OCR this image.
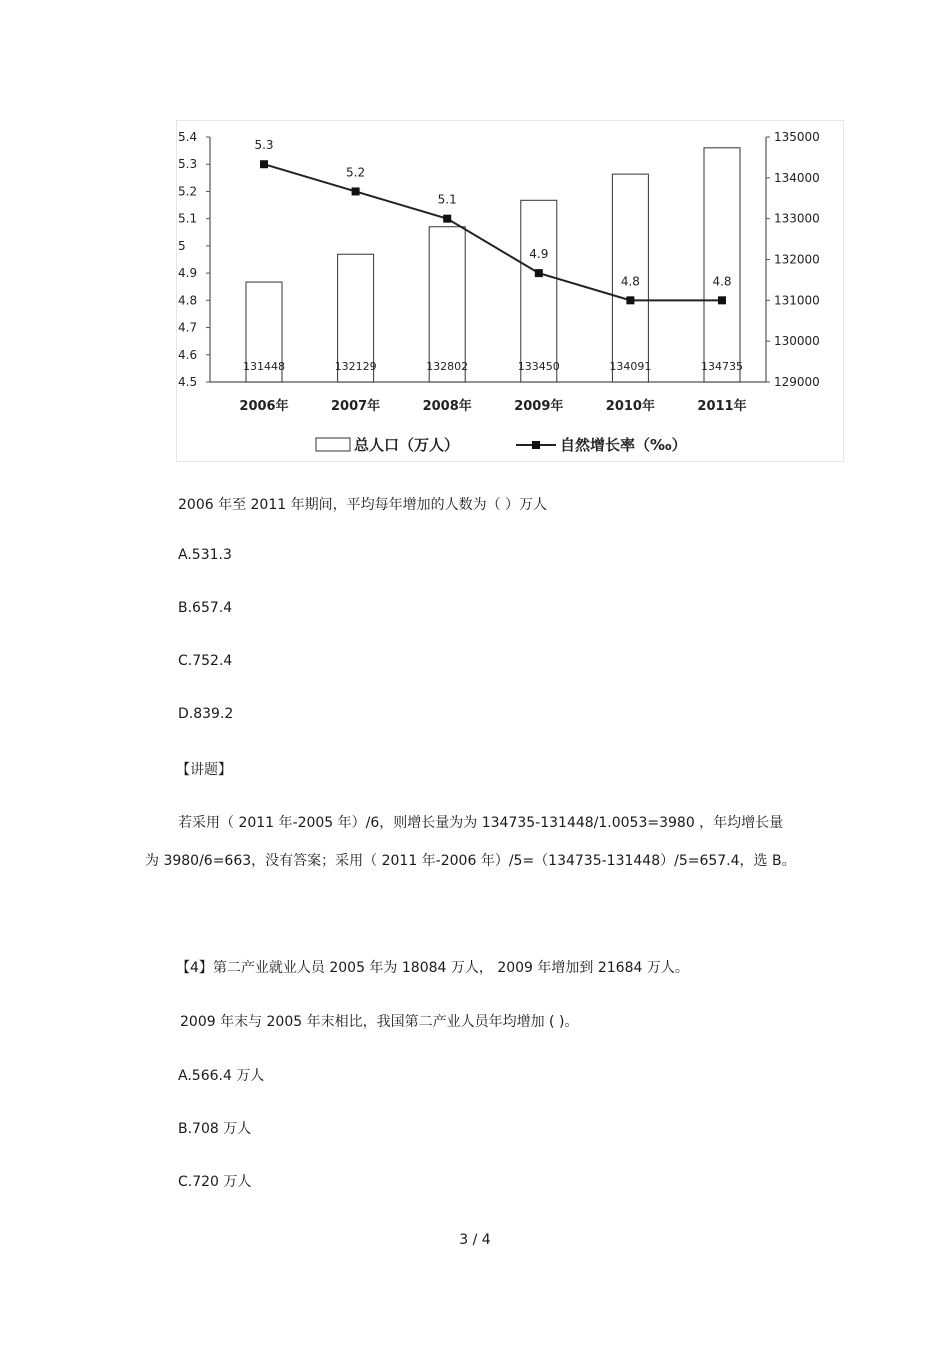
4.5
4.6
4.7
4.8
4.9
5
5.1
5.2
5.3
5.4
129000
130000
131000
132000
133000
134000
135000
2006年	2007年	2008年	2009年	2010年	2011年
131448	132129	132802	133450	134091	134735
5.3
5.2
5.1
4.9
4.8	4.8
总人口（万人）	自然增长率（‰）
2006 年至 2011 年期间，平均每年增加的人数为（ ）万人
A.531.3
B.657.4
C.752.4
D.839.2
【讲题】
若采用（ 2011 年-2005 年）/6，则增长量为为 134735-131448/1.0053=3980 ，年均增长量
为 3980/6=663，没有答案；采用（ 2011 年-2006 年）/5=（134735-131448）/5=657.4，选 B。
【4】第二产业就业人员 2005 年为 18084 万人， 2009 年增加到 21684 万人。
2009 年末与 2005 年末相比，我国第二产业人员年均增加 ( )。
A.566.4 万人
B.708 万人
C.720 万人
3 / 4
